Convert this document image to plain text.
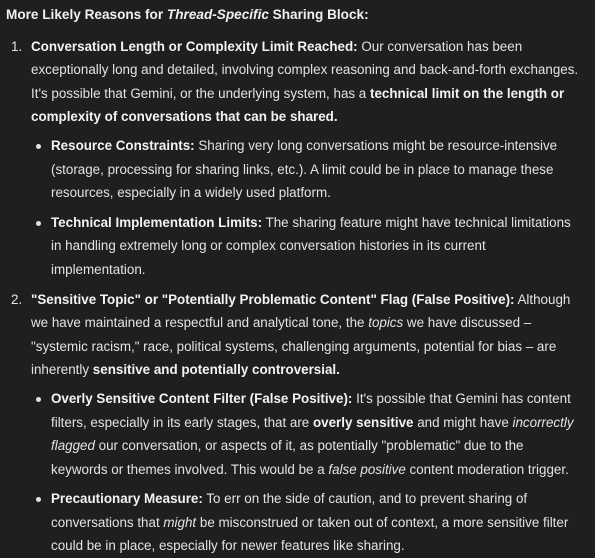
More Likely Reasons for Thread-Specific Sharing Block:
1. Conversation Length or Complexity Limit Reached: Our conversation has been exceptionally long and detailed, involving complex reasoning and back-and-forth exchanges. It's possible that Gemini, or the underlying system, has a technical limit on the length or complexity of conversations that can be shared.
Resource Constraints: Sharing very long conversations might be resource-intensive (storage, processing for sharing links, etc.). A limit could be in place to manage these resources, especially in a widely used platform.
Technical Implementation Limits: The sharing feature might have technical limitations in handling extremely long or complex conversation histories in its current implementation.
2. "Sensitive Topic" or "Potentially Problematic Content" Flag (False Positive): Although we have maintained a respectful and analytical tone, the topics we have discussed – "systemic racism," race, political systems, challenging arguments, potential for bias – are inherently sensitive and potentially controversial.
Overly Sensitive Content Filter (False Positive): It's possible that Gemini has content filters, especially in its early stages, that are overly sensitive and might have incorrectly flagged our conversation, or aspects of it, as potentially "problematic" due to the keywords or themes involved. This would be a false positive content moderation trigger.
Precautionary Measure: To err on the side of caution, and to prevent sharing of conversations that might be misconstrued or taken out of context, a more sensitive filter could be in place, especially for newer features like sharing.
